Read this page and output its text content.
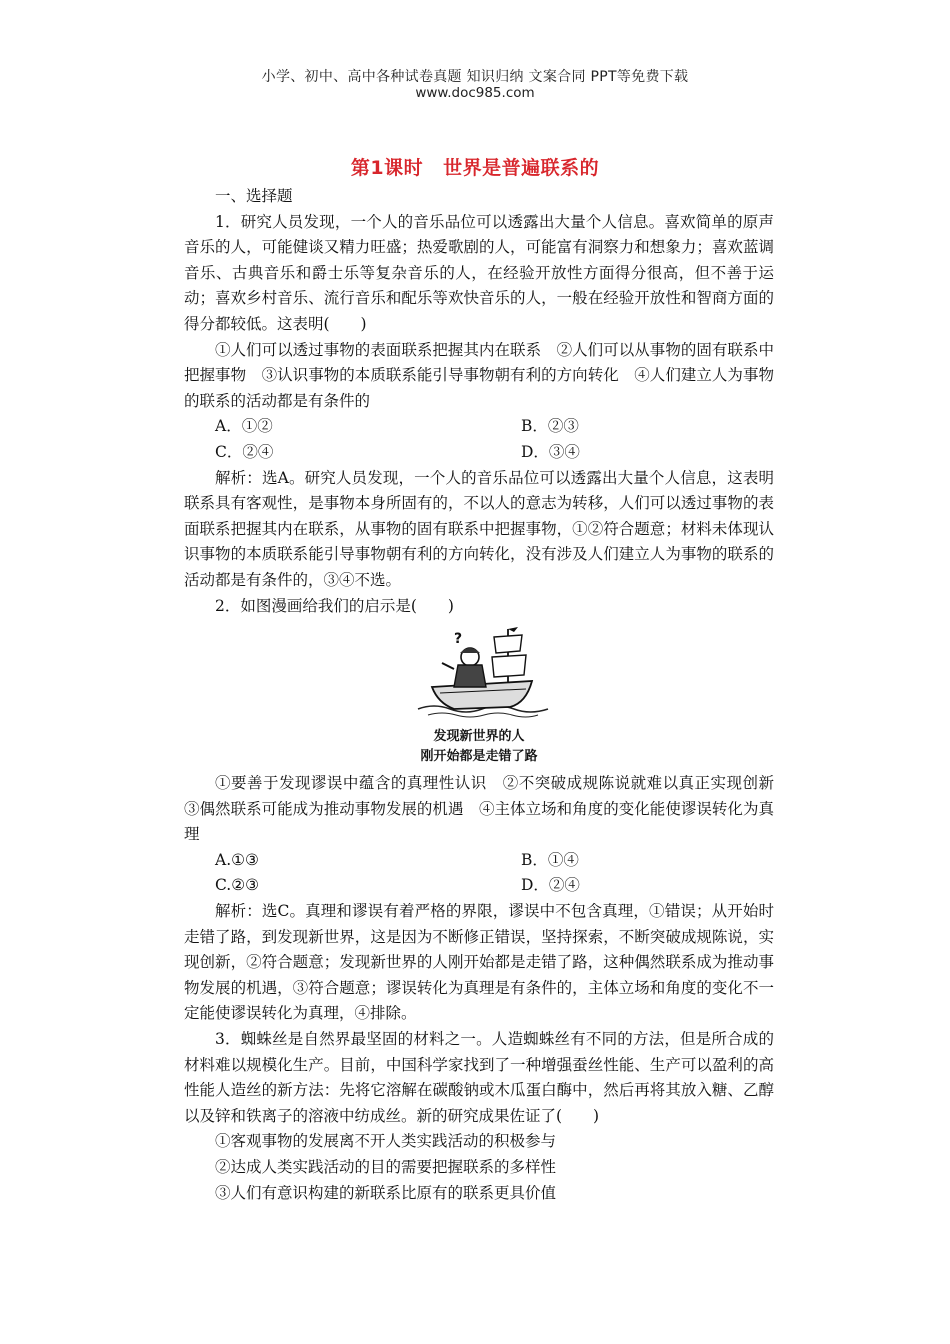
小学、初中、高中各种试卷真题 知识归纳 文案合同 PPT等免费下载
www.doc985.com
第1课时 世界是普遍联系的

一、选择题

1．研究人员发现，一个人的音乐品位可以透露出大量个人信息。喜欢简单的原声音乐的人，可能健谈又精力旺盛；热爱歌剧的人，可能富有洞察力和想象力；喜欢蓝调音乐、古典音乐和爵士乐等复杂音乐的人，在经验开放性方面得分很高，但不善于运动；喜欢乡村音乐、流行音乐和配乐等欢快音乐的人，一般在经验开放性和智商方面的得分都较低。这表明(　　)

①人们可以透过事物的表面联系把握其内在联系　②人们可以从事物的固有联系中把握事物　③认识事物的本质联系能引导事物朝有利的方向转化　④人们建立人为事物的联系的活动都是有条件的

A．①②	B．②③
C．②④	D．③④

解析：选A。研究人员发现，一个人的音乐品位可以透露出大量个人信息，这表明联系具有客观性，是事物本身所固有的，不以人的意志为转移，人们可以透过事物的表面联系把握其内在联系，从事物的固有联系中把握事物，①②符合题意；材料未体现认识事物的本质联系能引导事物朝有利的方向转化，没有涉及人们建立人为事物的联系的活动都是有条件的，③④不选。

2．如图漫画给我们的启示是(　　)

?
发现新世界的人
刚开始都是走错了路

①要善于发现谬误中蕴含的真理性认识　②不突破成规陈说就难以真正实现创新　③偶然联系可能成为推动事物发展的机遇　④主体立场和角度的变化能使谬误转化为真理

A.①③	B．①④
C.②③	D．②④

解析：选C。真理和谬误有着严格的界限，谬误中不包含真理，①错误；从开始时走错了路，到发现新世界，这是因为不断修正错误，坚持探索，不断突破成规陈说，实现创新，②符合题意；发现新世界的人刚开始都是走错了路，这种偶然联系成为推动事物发展的机遇，③符合题意；谬误转化为真理是有条件的，主体立场和角度的变化不一定能使谬误转化为真理，④排除。

3．蜘蛛丝是自然界最坚固的材料之一。人造蜘蛛丝有不同的方法，但是所合成的材料难以规模化生产。目前，中国科学家找到了一种增强蚕丝性能、生产可以盈利的高性能人造丝的新方法：先将它溶解在碳酸钠或木瓜蛋白酶中，然后再将其放入糖、乙醇以及锌和铁离子的溶液中纺成丝。新的研究成果佐证了(　　)

①客观事物的发展离不开人类实践活动的积极参与

②达成人类实践活动的目的需要把握联系的多样性

③人们有意识构建的新联系比原有的联系更具价值
